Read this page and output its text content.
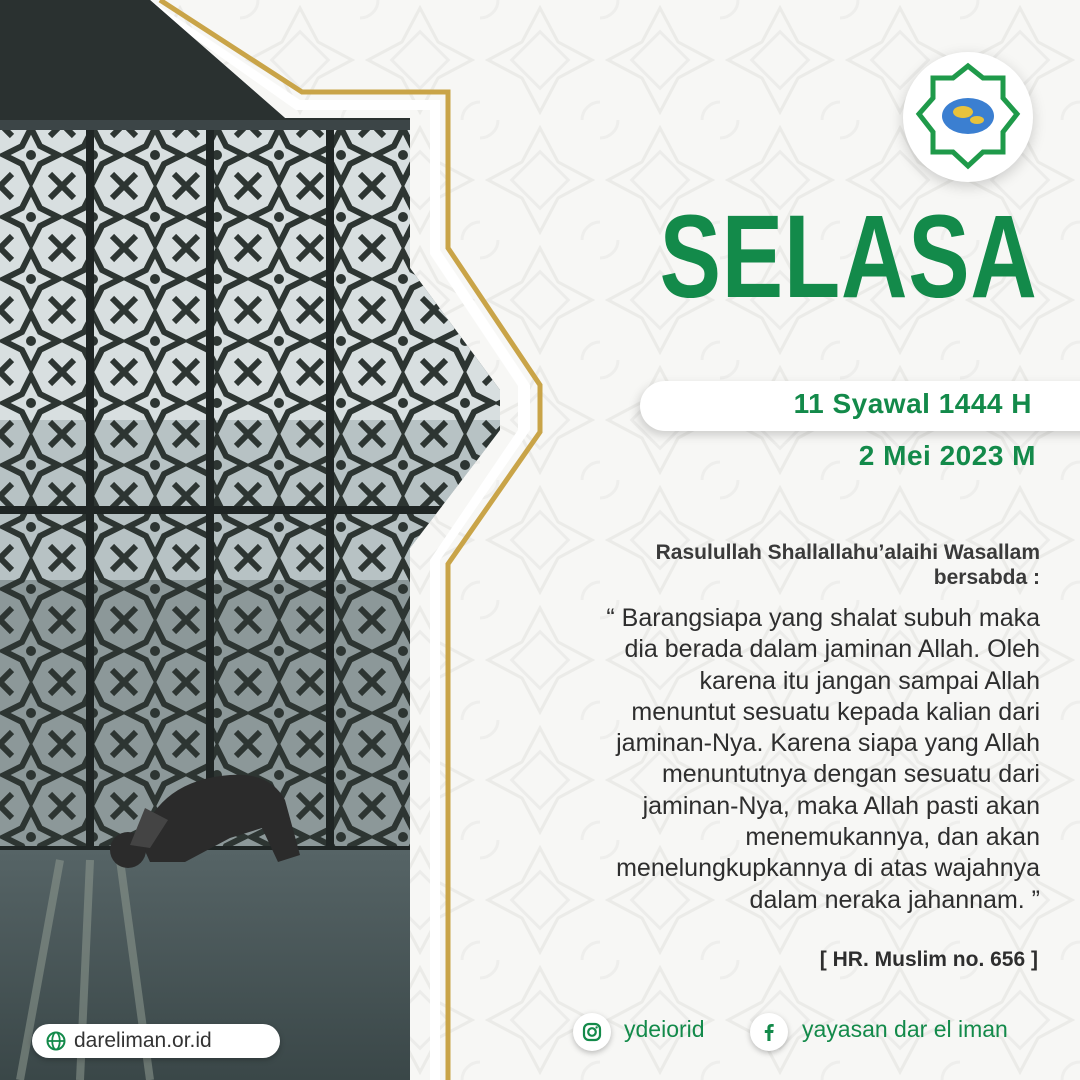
SELASA
11 Syawal 1444 H
2 Mei 2023 M
Rasulullah Shallallahu’alaihi Wasallam
bersabda :
“ Barangsiapa yang shalat subuh maka
dia berada dalam jaminan Allah. Oleh
karena itu jangan sampai Allah
menuntut sesuatu kepada kalian dari
jaminan-Nya. Karena siapa yang Allah
menuntutnya dengan sesuatu dari
jaminan-Nya, maka Allah pasti akan
menemukannya, dan akan
menelungkupkannya di atas wajahnya
dalam neraka jahannam. ”
[ HR. Muslim no. 656 ]
dareliman.or.id	ydeiorid	yayasan dar el iman
